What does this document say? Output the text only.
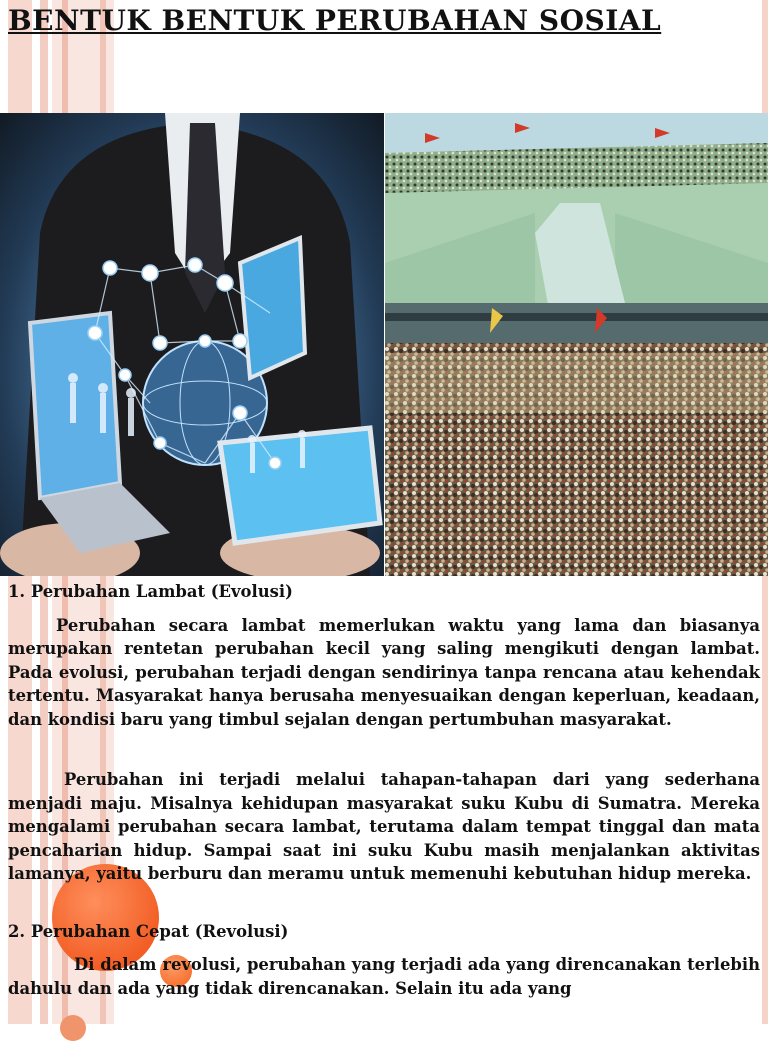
BENTUK BENTUK PERUBAHAN SOSIAL

1. Perubahan Lambat (Evolusi)

Perubahan secara lambat memerlukan waktu yang lama dan biasanya merupakan rentetan perubahan kecil yang saling mengikuti dengan lambat. Pada evolusi, perubahan terjadi dengan sendirinya tanpa rencana atau kehendak tertentu. Masyarakat hanya berusaha menyesuaikan dengan keperluan, keadaan, dan kondisi baru yang timbul sejalan dengan pertumbuhan masyarakat.

Perubahan ini terjadi melalui tahapan-tahapan dari yang sederhana menjadi maju. Misalnya kehidupan masyarakat suku Kubu di Sumatra. Mereka mengalami perubahan secara lambat, terutama dalam tempat tinggal dan mata pencaharian hidup. Sampai saat ini suku Kubu masih menjalankan aktivitas lamanya, yaitu berburu dan meramu untuk memenuhi kebutuhan hidup mereka.

2. Perubahan Cepat (Revolusi)

Di dalam revolusi, perubahan yang terjadi ada yang direncanakan terlebih dahulu dan ada yang tidak direncanakan. Selain itu ada yang
